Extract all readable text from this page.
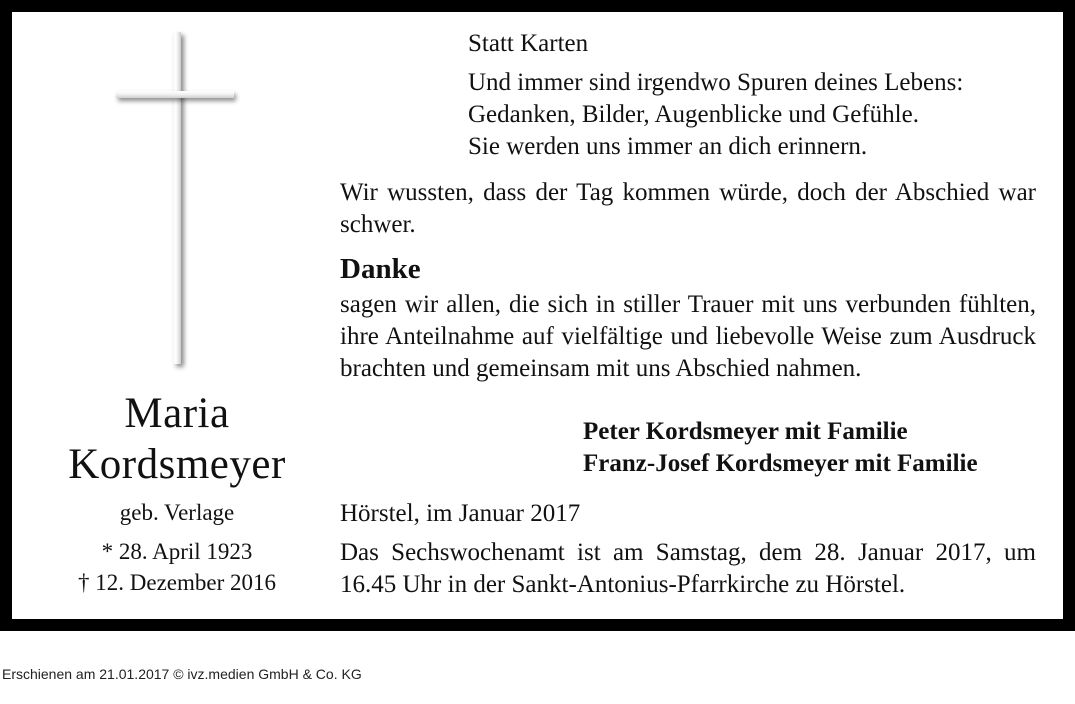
Maria
Kordsmeyer
geb. Verlage
* 28. April 1923
† 12. Dezember 2016
Statt Karten
Und immer sind irgendwo Spuren deines Lebens:
Gedanken, Bilder, Augenblicke und Gefühle.
Sie werden uns immer an dich erinnern.
Wir wussten, dass der Tag kommen würde, doch der Abschied war schwer.
Danke
sagen wir allen, die sich in stiller Trauer mit uns verbunden fühlten, ihre Anteilnahme auf vielfältige und liebevolle Weise zum Ausdruck brachten und gemeinsam mit uns Abschied nahmen.
Peter Kordsmeyer mit Familie
Franz-Josef Kordsmeyer mit Familie
Hörstel, im Januar 2017
Das Sechswochenamt ist am Samstag, dem 28. Januar 2017, um 16.45 Uhr in der Sankt-Antonius-Pfarrkirche zu Hörstel.
Erschienen am 21.01.2017 © ivz.medien GmbH & Co. KG
